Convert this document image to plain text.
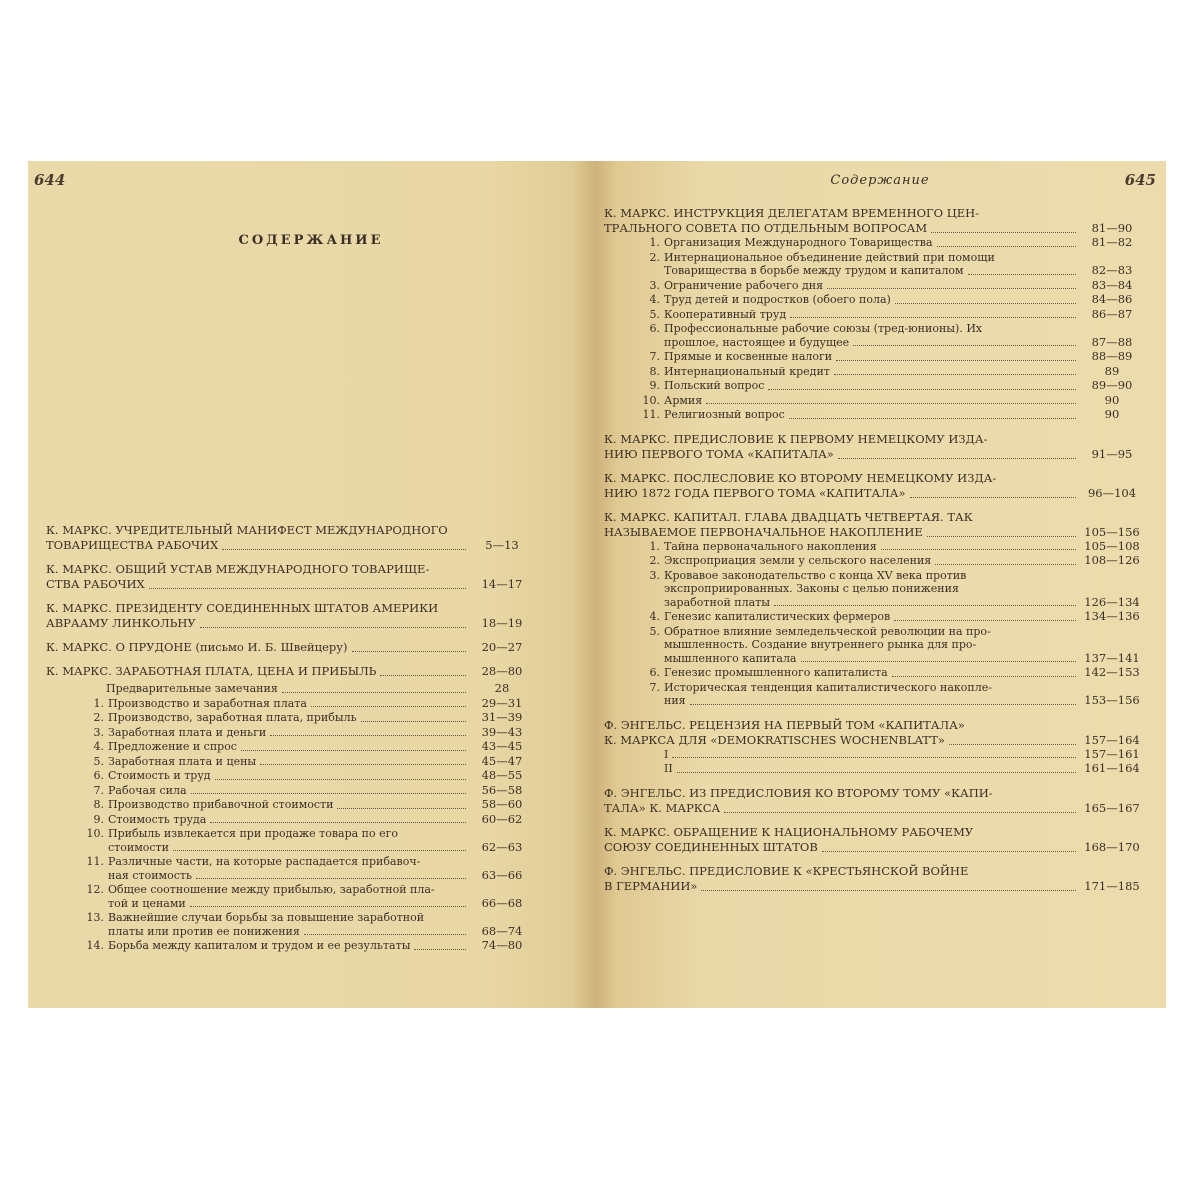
644
СОДЕРЖАНИЕ
К. МАРКС. УЧРЕДИТЕЛЬНЫЙ МАНИФЕСТ МЕЖДУНАРОДНОГО
ТОВАРИЩЕСТВА РАБОЧИХ	5—13
К. МАРКС. ОБЩИЙ УСТАВ МЕЖДУНАРОДНОГО ТОВАРИЩЕ-
СТВА РАБОЧИХ	14—17
К. МАРКС. ПРЕЗИДЕНТУ СОЕДИНЕННЫХ ШТАТОВ АМЕРИКИ
АВРААМУ ЛИНКОЛЬНУ	18—19
К. МАРКС. О ПРУДОНЕ (письмо И. Б. Швейцеру)	20—27
К. МАРКС. ЗАРАБОТНАЯ ПЛАТА, ЦЕНА И ПРИБЫЛЬ	28—80
Предварительные замечания	28
1. Производство и заработная плата	29—31
2. Производство, заработная плата, прибыль	31—39
3. Заработная плата и деньги	39—43
4. Предложение и спрос	43—45
5. Заработная плата и цены	45—47
6. Стоимость и труд	48—55
7. Рабочая сила	56—58
8. Производство прибавочной стоимости	58—60
9. Стоимость труда	60—62
10. Прибыль извлекается при продаже товара по его
стоимости	62—63
11. Различные части, на которые распадается прибавоч-
ная стоимость	63—66
12. Общее соотношение между прибылью, заработной пла-
той и ценами	66—68
13. Важнейшие случаи борьбы за повышение заработной
платы или против ее понижения	68—74
14. Борьба между капиталом и трудом и ее результаты	74—80
Содержание	645
К. МАРКС. ИНСТРУКЦИЯ ДЕЛЕГАТАМ ВРЕМЕННОГО ЦЕН-
ТРАЛЬНОГО СОВЕТА ПО ОТДЕЛЬНЫМ ВОПРОСАМ	81—90
1. Организация Международного Товарищества	81—82
2. Интернациональное объединение действий при помощи
Товарищества в борьбе между трудом и капиталом	82—83
3. Ограничение рабочего дня	83—84
4. Труд детей и подростков (обоего пола)	84—86
5. Кооперативный труд	86—87
6. Профессиональные рабочие союзы (тред-юнионы). Их
прошлое, настоящее и будущее	87—88
7. Прямые и косвенные налоги	88—89
8. Интернациональный кредит	89
9. Польский вопрос	89—90
10. Армия	90
11. Религиозный вопрос	90
К. МАРКС. ПРЕДИСЛОВИЕ К ПЕРВОМУ НЕМЕЦКОМУ ИЗДА-
НИЮ ПЕРВОГО ТОМА «КАПИТАЛА»	91—95
К. МАРКС. ПОСЛЕСЛОВИЕ КО ВТОРОМУ НЕМЕЦКОМУ ИЗДА-
НИЮ 1872 ГОДА ПЕРВОГО ТОМА «КАПИТАЛА»	96—104
К. МАРКС. КАПИТАЛ. ГЛАВА ДВАДЦАТЬ ЧЕТВЕРТАЯ. ТАК
НАЗЫВАЕМОЕ ПЕРВОНАЧАЛЬНОЕ НАКОПЛЕНИЕ	105—156
1. Тайна первоначального накопления	105—108
2. Экспроприация земли у сельского населения	108—126
3. Кровавое законодательство с конца XV века против
экспроприированных. Законы с целью понижения
заработной платы	126—134
4. Генезис капиталистических фермеров	134—136
5. Обратное влияние земледельческой революции на про-
мышленность. Создание внутреннего рынка для про-
мышленного капитала	137—141
6. Генезис промышленного капиталиста	142—153
7. Историческая тенденция капиталистического накопле-
ния	153—156
Ф. ЭНГЕЛЬС. РЕЦЕНЗИЯ НА ПЕРВЫЙ ТОМ «КАПИТАЛА»
К. МАРКСА ДЛЯ «DEMOKRATISCHES WOCHENBLATT»	157—164
I	157—161
II	161—164
Ф. ЭНГЕЛЬС. ИЗ ПРЕДИСЛОВИЯ КО ВТОРОМУ ТОМУ «КАПИ-
ТАЛА» К. МАРКСА	165—167
К. МАРКС. ОБРАЩЕНИЕ К НАЦИОНАЛЬНОМУ РАБОЧЕМУ
СОЮЗУ СОЕДИНЕННЫХ ШТАТОВ	168—170
Ф. ЭНГЕЛЬС. ПРЕДИСЛОВИЕ К «КРЕСТЬЯНСКОЙ ВОЙНЕ
В ГЕРМАНИИ»	171—185
